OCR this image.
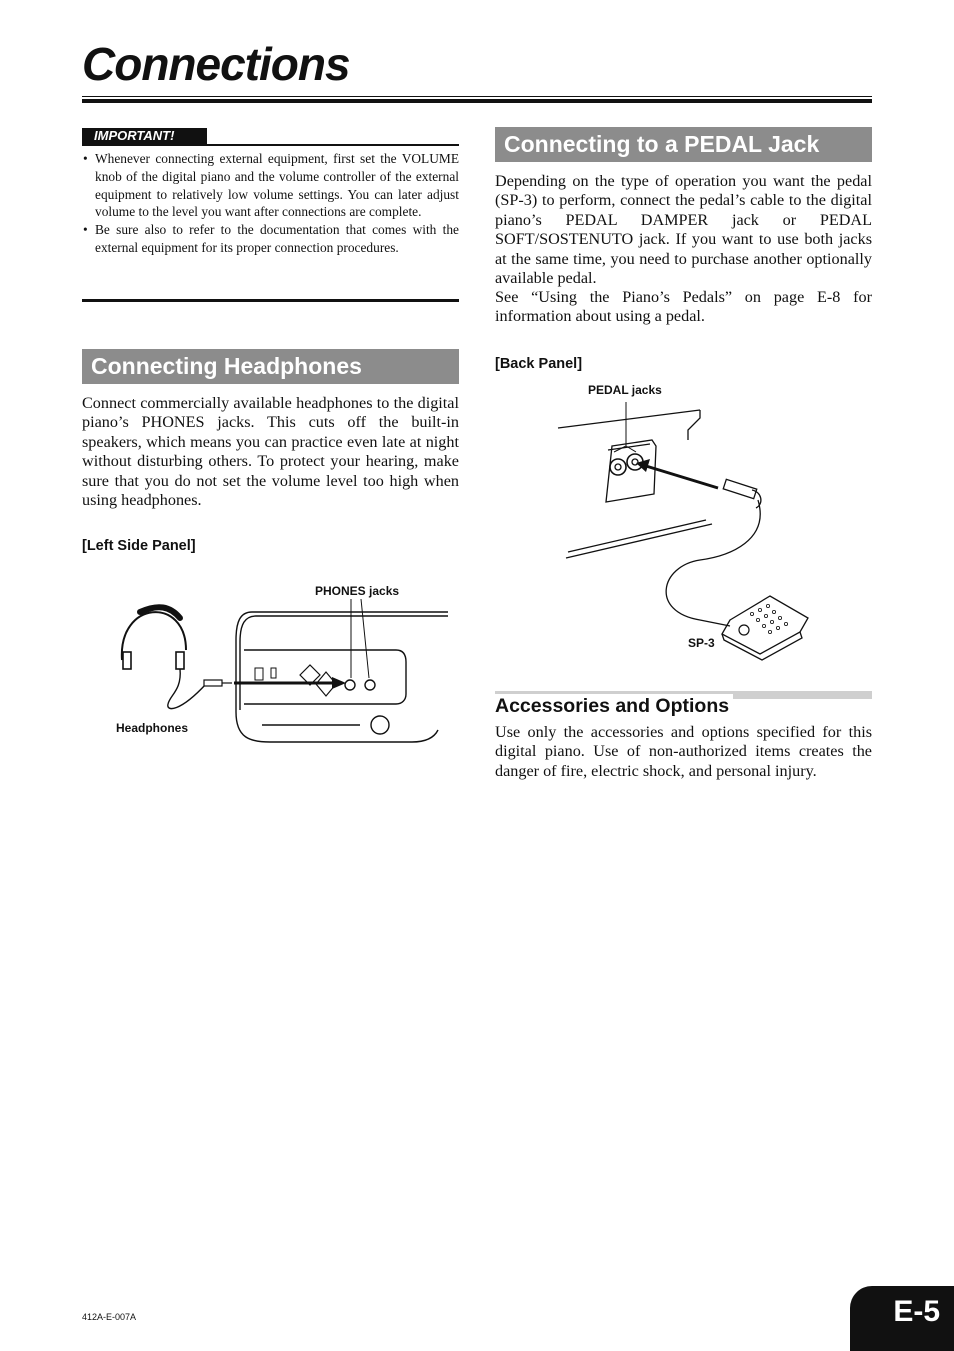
Connections
IMPORTANT!
• Whenever connecting external equipment, first set the VOLUME knob of the digital piano and the volume controller of the external equipment to relatively low volume settings. You can later adjust volume to the level you want after connections are complete.
• Be sure also to refer to the documentation that comes with the external equipment for its proper connection procedures.
Connecting Headphones

Connect commercially available headphones to the digital piano’s PHONES jacks. This cuts off the built-in speakers, which means you can practice even late at night without disturbing others. To protect your hearing, make sure that you do not set the volume level too high when using headphones.

[Left Side Panel]
PHONES jacks
Headphones
Connecting to a PEDAL Jack

Depending on the type of operation you want the pedal (SP-3) to perform, connect the pedal’s cable to the digital piano’s PEDAL DAMPER jack or PEDAL SOFT/SOSTENUTO jack. If you want to use both jacks at the same time, you need to purchase another optionally available pedal.

See “Using the Piano’s Pedals” on page E-8 for information about using a pedal.

[Back Panel]
PEDAL jacks
SP-3
Accessories and Options

Use only the accessories and options specified for this digital piano. Use of non-authorized items creates the danger of fire, electric shock, and personal injury.

412A-E-007A	E-5
